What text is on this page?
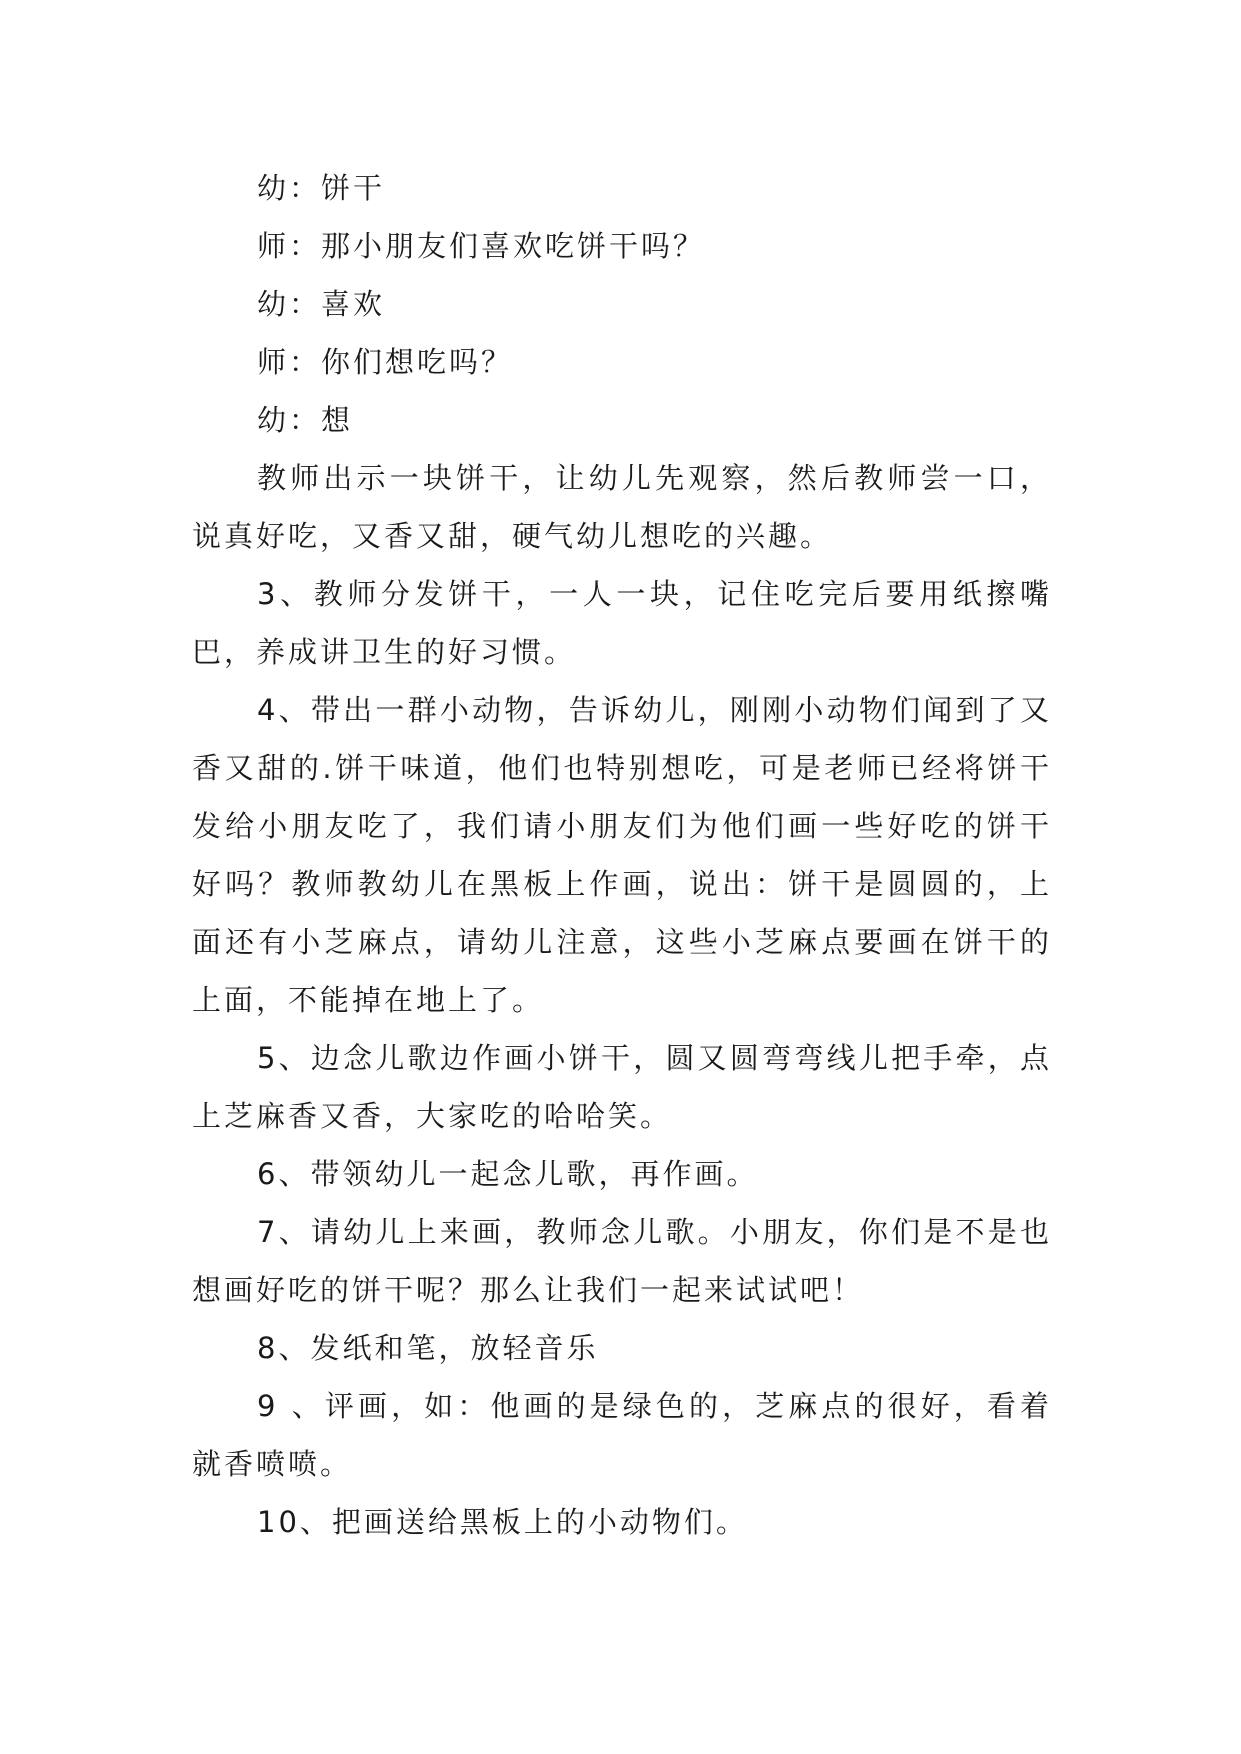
幼：饼干

师：那小朋友们喜欢吃饼干吗？

幼：喜欢

师：你们想吃吗？

幼：想

教师出示一块饼干，让幼儿先观察，然后教师尝一口，说真好吃，又香又甜，硬气幼儿想吃的兴趣。

3、教师分发饼干，一人一块，记住吃完后要用纸擦嘴巴，养成讲卫生的好习惯。

4、带出一群小动物，告诉幼儿，刚刚小动物们闻到了又香又甜的.饼干味道，他们也特别想吃，可是老师已经将饼干发给小朋友吃了，我们请小朋友们为他们画一些好吃的饼干好吗？教师教幼儿在黑板上作画，说出：饼干是圆圆的，上面还有小芝麻点，请幼儿注意，这些小芝麻点要画在饼干的上面，不能掉在地上了。

5、边念儿歌边作画小饼干，圆又圆弯弯线儿把手牵，点上芝麻香又香，大家吃的哈哈笑。

6、带领幼儿一起念儿歌，再作画。

7、请幼儿上来画，教师念儿歌。小朋友，你们是不是也想画好吃的饼干呢？那么让我们一起来试试吧！

8、发纸和笔，放轻音乐

9 、评画，如：他画的是绿色的，芝麻点的很好，看着就香喷喷。

10、把画送给黑板上的小动物们。
